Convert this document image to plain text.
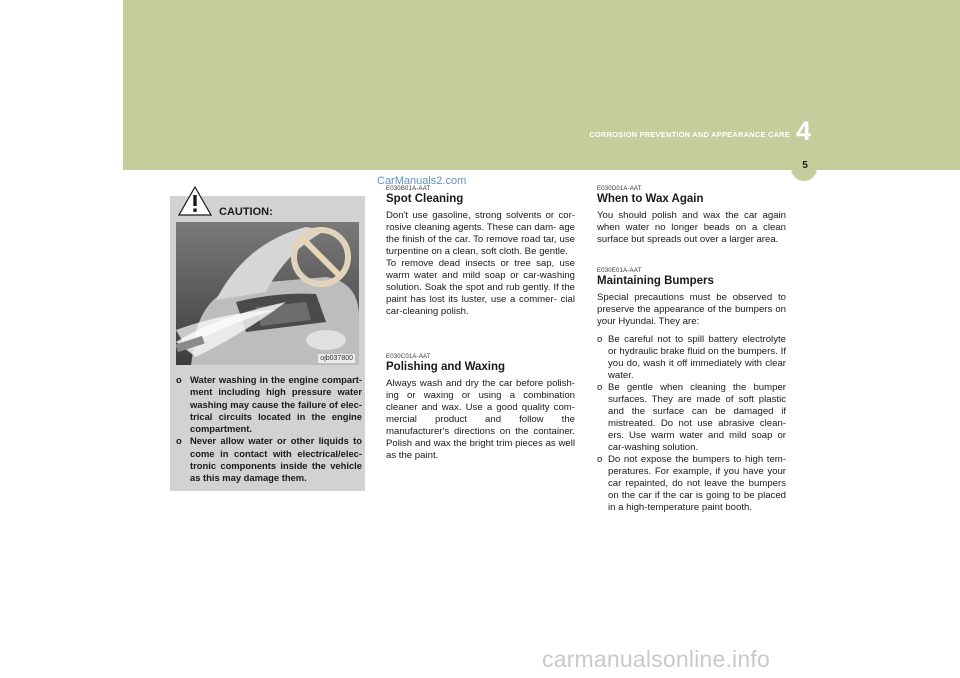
CORROSION PREVENTION AND APPEARANCE CARE 4
5
CarManuals2.com
CAUTION:
ojb037800
o Water washing in the engine compart- ment including high pressure water washing may cause the failure of elec- trical circuits located in the engine compartment.
o Never allow water or other liquids to come in contact with electrical/elec- tronic components inside the vehicle as this may damage them.
E030B01A-AAT
Spot Cleaning

Don't use gasoline, strong solvents or cor- rosive cleaning agents. These can dam- age the finish of the car. To remove road tar, use turpentine on a clean, soft cloth. Be gentle.

To remove dead insects or tree sap, use warm water and mild soap or car-washing solution. Soak the spot and rub gently. If the paint has lost its luster, use a commer- cial car-cleaning polish.

E030C01A-AAT
Polishing and Waxing
Always wash and dry the car before polish- ing or waxing or using a combination cleaner and wax. Use a good quality com- mercial product and follow the manufacturer's directions on the container. Polish and wax the bright trim pieces as well as the paint.
E030D01A-AAT
When to Wax Again
You should polish and wax the car again when water no longer beads on a clean surface but spreads out over a larger area.
E030E01A-AAT
Maintaining Bumpers
Special precautions must be observed to preserve the appearance of the bumpers on your Hyundai. They are:
o Be careful not to spill battery electrolyte or hydraulic brake fluid on the bumpers. If you do, wash it off immediately with clear water.
o Be gentle when cleaning the bumper surfaces. They are made of soft plastic and the surface can be damaged if mistreated. Do not use abrasive clean- ers. Use warm water and mild soap or car-washing solution.
o Do not expose the bumpers to high tem- peratures. For example, if you have your car repainted, do not leave the bumpers on the car if the car is going to be placed in a high-temperature paint booth.
carmanualsonline.info
